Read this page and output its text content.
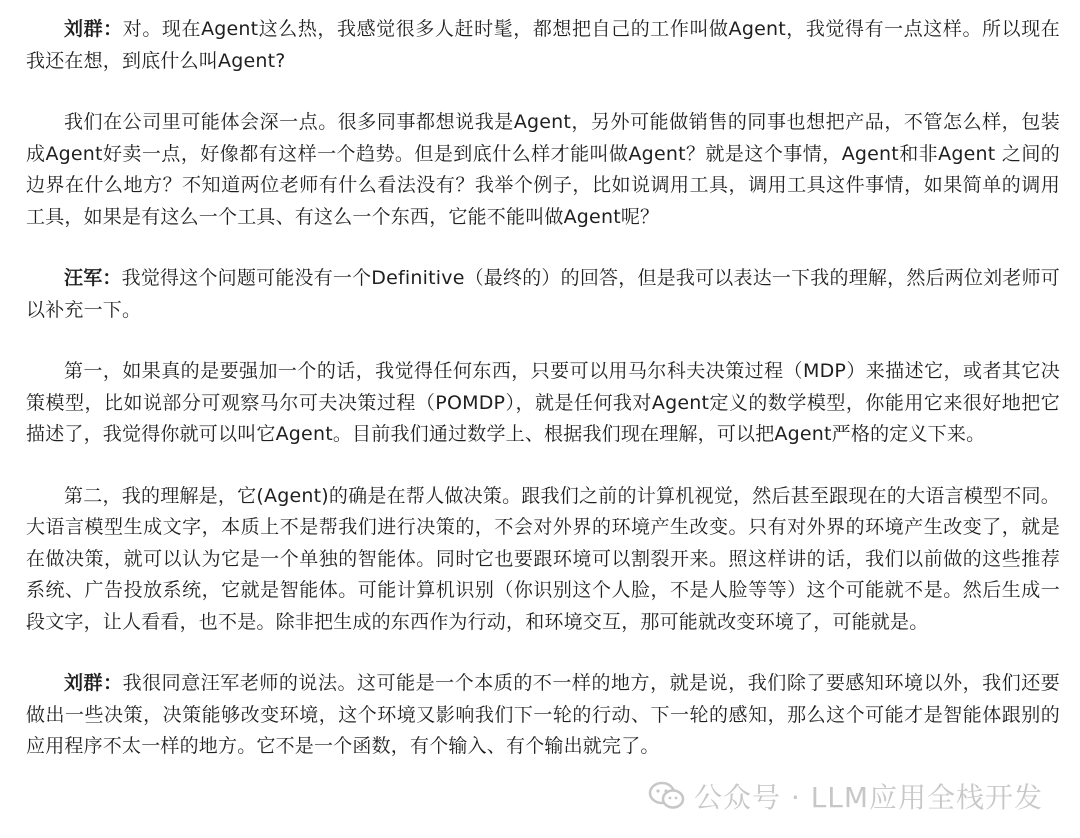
刘群：对。现在Agent这么热，我感觉很多人赶时髦，都想把自己的工作叫做Agent，我觉得有一点这样。所以现在我还在想，到底什么叫Agent?

我们在公司里可能体会深一点。很多同事都想说我是Agent，另外可能做销售的同事也想把产品，不管怎么样，包装成Agent好卖一点，好像都有这样一个趋势。但是到底什么样才能叫做Agent？就是这个事情，Agent和非Agent 之间的边界在什么地方？不知道两位老师有什么看法没有？我举个例子，比如说调用工具，调用工具这件事情，如果简单的调用工具，如果是有这么一个工具、有这么一个东西，它能不能叫做Agent呢？

汪军：我觉得这个问题可能没有一个Definitive（最终的）的回答，但是我可以表达一下我的理解，然后两位刘老师可以补充一下。

第一，如果真的是要强加一个的话，我觉得任何东西，只要可以用马尔科夫决策过程（MDP）来描述它，或者其它决策模型，比如说部分可观察马尔可夫决策过程（POMDP），就是任何我对Agent定义的数学模型，你能用它来很好地把它描述了，我觉得你就可以叫它Agent。目前我们通过数学上、根据我们现在理解，可以把Agent严格的定义下来。

第二，我的理解是，它(Agent)的确是在帮人做决策。跟我们之前的计算机视觉，然后甚至跟现在的大语言模型不同。大语言模型生成文字，本质上不是帮我们进行决策的，不会对外界的环境产生改变。只有对外界的环境产生改变了，就是在做决策，就可以认为它是一个单独的智能体。同时它也要跟环境可以割裂开来。照这样讲的话，我们以前做的这些推荐系统、广告投放系统，它就是智能体。可能计算机识别（你识别这个人脸，不是人脸等等）这个可能就不是。然后生成一段文字，让人看看，也不是。除非把生成的东西作为行动，和环境交互，那可能就改变环境了，可能就是。

刘群：我很同意汪军老师的说法。这可能是一个本质的不一样的地方，就是说，我们除了要感知环境以外，我们还要做出一些决策，决策能够改变环境，这个环境又影响我们下一轮的行动、下一轮的感知，那么这个可能才是智能体跟别的应用程序不太一样的地方。它不是一个函数，有个输入、有个输出就完了。

公众号 · LLM应用全栈开发
